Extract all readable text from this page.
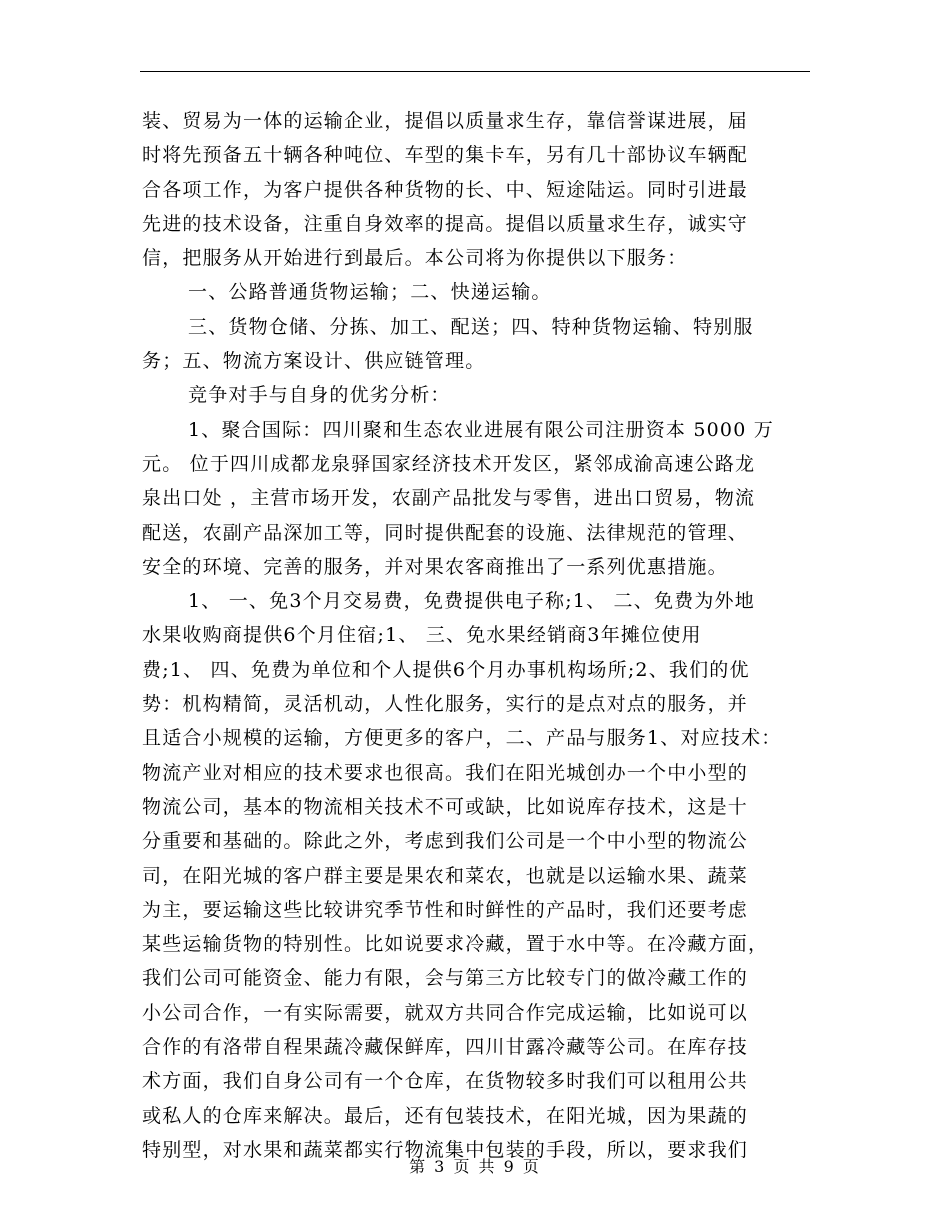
装、贸易为一体的运输企业，提倡以质量求生存，靠信誉谋进展，届
时将先预备五十辆各种吨位、车型的集卡车，另有几十部协议车辆配
合各项工作，为客户提供各种货物的长、中、短途陆运。同时引进最
先进的技术设备，注重自身效率的提高。提倡以质量求生存，诚实守
信，把服务从开始进行到最后。本公司将为你提供以下服务：
一、公路普通货物运输；二、快递运输。
三、货物仓储、分拣、加工、配送；四、特种货物运输、特别服
务；五、物流方案设计、供应链管理。
竞争对手与自身的优劣分析：
1、聚合国际：四川聚和生态农业进展有限公司注册资本 5000 万
元。 位于四川成都龙泉驿国家经济技术开发区，紧邻成渝高速公路龙
泉出口处 ，主营市场开发，农副产品批发与零售，进出口贸易，物流
配送，农副产品深加工等，同时提供配套的设施、法律规范的管理、
安全的环境、完善的服务，并对果农客商推出了一系列优惠措施。
1、 一、免3个月交易费，免费提供电子称;1、 二、免费为外地
水果收购商提供6个月住宿;1、 三、免水果经销商3年摊位使用
费;1、 四、免费为单位和个人提供6个月办事机构场所;2、我们的优
势：机构精简，灵活机动，人性化服务，实行的是点对点的服务，并
且适合小规模的运输，方便更多的客户，二、产品与服务1、对应技术：
物流产业对相应的技术要求也很高。我们在阳光城创办一个中小型的
物流公司，基本的物流相关技术不可或缺，比如说库存技术，这是十
分重要和基础的。除此之外，考虑到我们公司是一个中小型的物流公
司，在阳光城的客户群主要是果农和菜农，也就是以运输水果、蔬菜
为主，要运输这些比较讲究季节性和时鲜性的产品时，我们还要考虑
某些运输货物的特别性。比如说要求冷藏，置于水中等。在冷藏方面，
我们公司可能资金、能力有限，会与第三方比较专门的做冷藏工作的
小公司合作，一有实际需要，就双方共同合作完成运输，比如说可以
合作的有洛带自程果蔬冷藏保鲜库，四川甘露冷藏等公司。在库存技
术方面，我们自身公司有一个仓库，在货物较多时我们可以租用公共
或私人的仓库来解决。最后，还有包装技术，在阳光城，因为果蔬的
特别型，对水果和蔬菜都实行物流集中包装的手段，所以，要求我们
第 3 页 共 9 页
